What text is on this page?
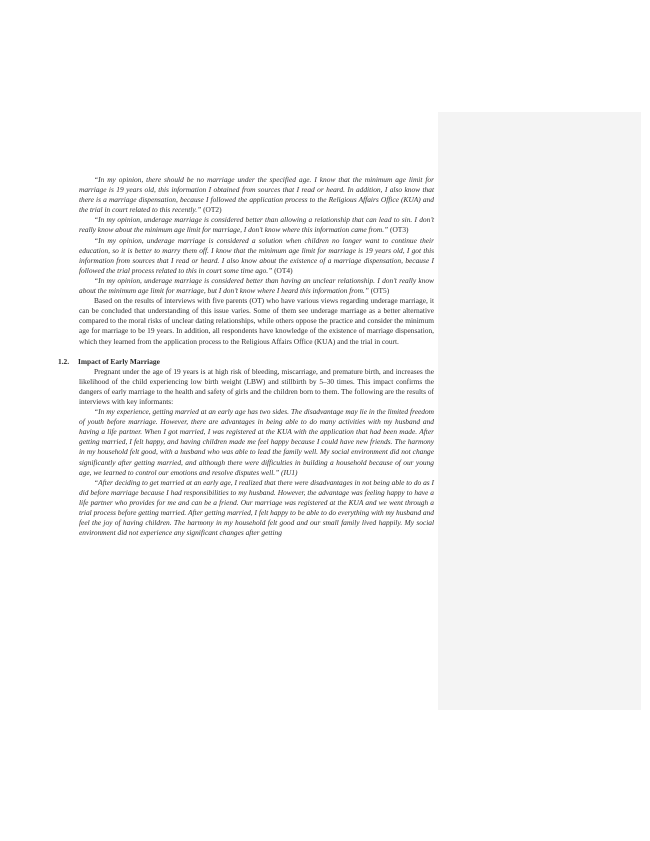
“In my opinion, there should be no marriage under the specified age. I know that the minimum age limit for marriage is 19 years old, this information I obtained from sources that I read or heard. In addition, I also know that there is a marriage dispensation, because I followed the application process to the Religious Affairs Office (KUA) and the trial in court related to this recently.” (OT2)

“In my opinion, underage marriage is considered better than allowing a relationship that can lead to sin. I don’t really know about the minimum age limit for marriage, I don’t know where this information came from.” (OT3)

“In my opinion, underage marriage is considered a solution when children no longer want to continue their education, so it is better to marry them off. I know that the minimum age limit for marriage is 19 years old, I got this information from sources that I read or heard. I also know about the existence of a marriage dispensation, because I followed the trial process related to this in court some time ago.” (OT4)

“In my opinion, underage marriage is considered better than having an unclear relationship. I don’t really know about the minimum age limit for marriage, but I don’t know where I heard this information from.” (OT5)

Based on the results of interviews with five parents (OT) who have various views regarding underage marriage, it can be concluded that understanding of this issue varies. Some of them see underage marriage as a better alternative compared to the moral risks of unclear dating relationships, while others oppose the practice and consider the minimum age for marriage to be 19 years. In addition, all respondents have knowledge of the existence of marriage dispensation, which they learned from the application process to the Religious Affairs Office (KUA) and the trial in court.

1.2. Impact of Early Marriage

Pregnant under the age of 19 years is at high risk of bleeding, miscarriage, and premature birth, and increases the likelihood of the child experiencing low birth weight (LBW) and stillbirth by 5–30 times. This impact confirms the dangers of early marriage to the health and safety of girls and the children born to them. The following are the results of interviews with key informants:

“In my experience, getting married at an early age has two sides. The disadvantage may lie in the limited freedom of youth before marriage. However, there are advantages in being able to do many activities with my husband and having a life partner. When I got married, I was registered at the KUA with the application that had been made. After getting married, I felt happy, and having children made me feel happy because I could have new friends. The harmony in my household felt good, with a husband who was able to lead the family well. My social environment did not change significantly after getting married, and although there were difficulties in building a household because of our young age, we learned to control our emotions and resolve disputes well.” (IU1)

“After deciding to get married at an early age, I realized that there were disadvantages in not being able to do as I did before marriage because I had responsibilities to my husband. However, the advantage was feeling happy to have a life partner who provides for me and can be a friend. Our marriage was registered at the KUA and we went through a trial process before getting married. After getting married, I felt happy to be able to do everything with my husband and feel the joy of having children. The harmony in my household felt good and our small family lived happily. My social environment did not experience any significant changes after getting
